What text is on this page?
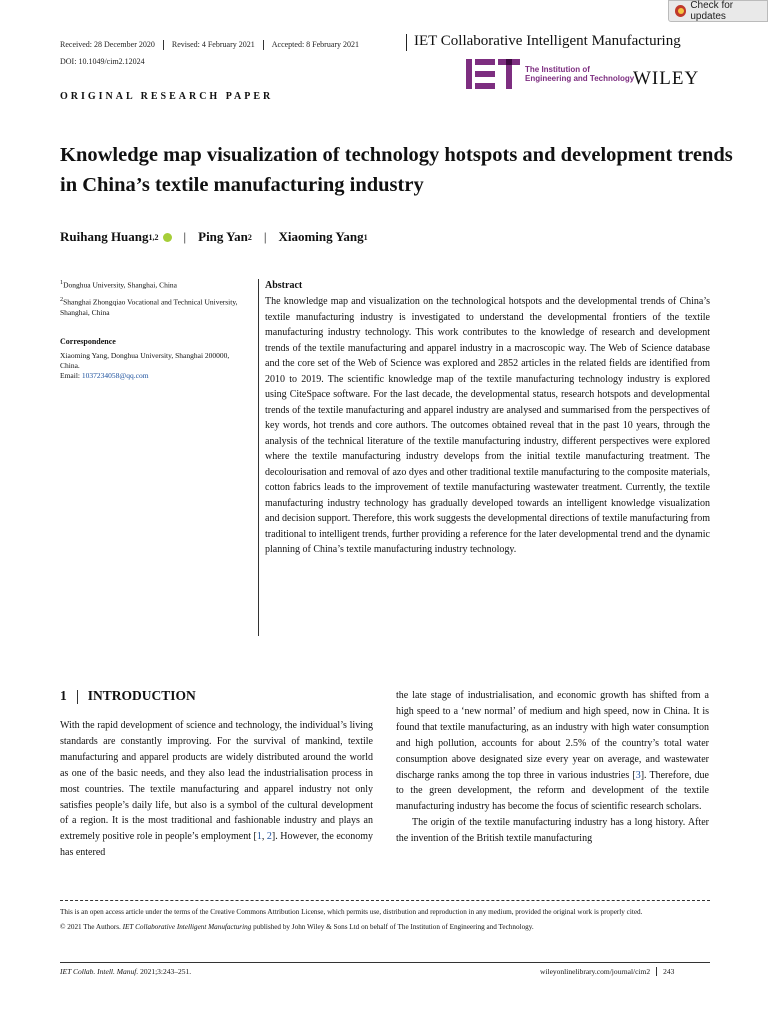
Check for updates
Received: 28 December 2020 Revised: 4 February 2021 Accepted: 8 February 2021	IET Collaborative Intelligent Manufacturing
DOI: 10.1049/cim2.12024
The Institution of
Engineering and Technology
WILEY
ORIGINAL RESEARCH PAPER
Knowledge map visualization of technology hotspots and development trends in China’s textile manufacturing industry
Ruihang Huang 1,2 | Ping Yan 2 | Xiaoming Yang 1
$^1$Donghua University, Shanghai, China
$^2$Shanghai Zhongqiao Vocational and Technical University, Shanghai, China
Correspondence
Xiaoming Yang, Donghua University, Shanghai 200000, China.
Email: 1037234058@qq.com
Abstract
The knowledge map and visualization on the technological hotspots and the developmental trends of China’s textile manufacturing industry is investigated to understand the developmental frontiers of the textile manufacturing industry technology. This work contributes to the knowledge of research and development trends of the textile manufacturing and apparel industry in a macroscopic way. The Web of Science database and the core set of the Web of Science was explored and 2852 articles in the related fields are identified from 2010 to 2019. The scientific knowledge map of the textile manufacturing technology industry is explored using CiteSpace software. For the last decade, the developmental status, research hotspots and developmental trends of the textile manufacturing and apparel industry are analysed and summarised from the perspectives of key words, hot trends and core authors. The outcomes obtained reveal that in the past 10 years, through the analysis of the technical literature of the textile manufacturing industry, different perspectives were explored where the textile manufacturing industry develops from the initial textile manufacturing treatment. The decolourisation and removal of azo dyes and other traditional textile manufacturing to the composite materials, cotton fabrics leads to the improvement of textile manufacturing wastewater treatment. Currently, the textile manufacturing industry technology has gradually developed towards an intelligent knowledge visualization and decision support. Therefore, this work suggests the developmental directions of textile manufacturing from traditional to intelligent trends, further providing a reference for the later developmental trend and the dynamic planning of China’s textile manufacturing industry technology.
1 INTRODUCTION
With the rapid development of science and technology, the individual’s living standards are constantly improving. For the survival of mankind, textile manufacturing and apparel products are widely distributed around the world as one of the basic needs, and they also lead the industrialisation process in most countries. The textile manufacturing and apparel industry not only satisfies people’s daily life, but also is a symbol of the cultural development of a region. It is the most traditional and fashionable industry and plays an extremely positive role in people’s employment [1, 2]. However, the economy has entered
the late stage of industrialisation, and economic growth has shifted from a high speed to a ‘new normal’ of medium and high speed, now in China. It is found that textile manufacturing, as an industry with high water consumption and high pollution, accounts for about 2.5% of the country’s total water consumption above designated size every year on average, and wastewater discharge ranks among the top three in various industries [3]. Therefore, due to the green development, the reform and development of the textile manufacturing industry has become the focus of scientific research scholars.
The origin of the textile manufacturing industry has a long history. After the invention of the British textile manufacturing
This is an open access article under the terms of the Creative Commons Attribution License, which permits use, distribution and reproduction in any medium, provided the original work is properly cited.
© 2021 The Authors. IET Collaborative Intelligent Manufacturing published by John Wiley & Sons Ltd on behalf of The Institution of Engineering and Technology.
IET Collab. Intell. Manuf. 2021;3:243–251.	wileyonlinelibrary.com/journal/cim2 243
